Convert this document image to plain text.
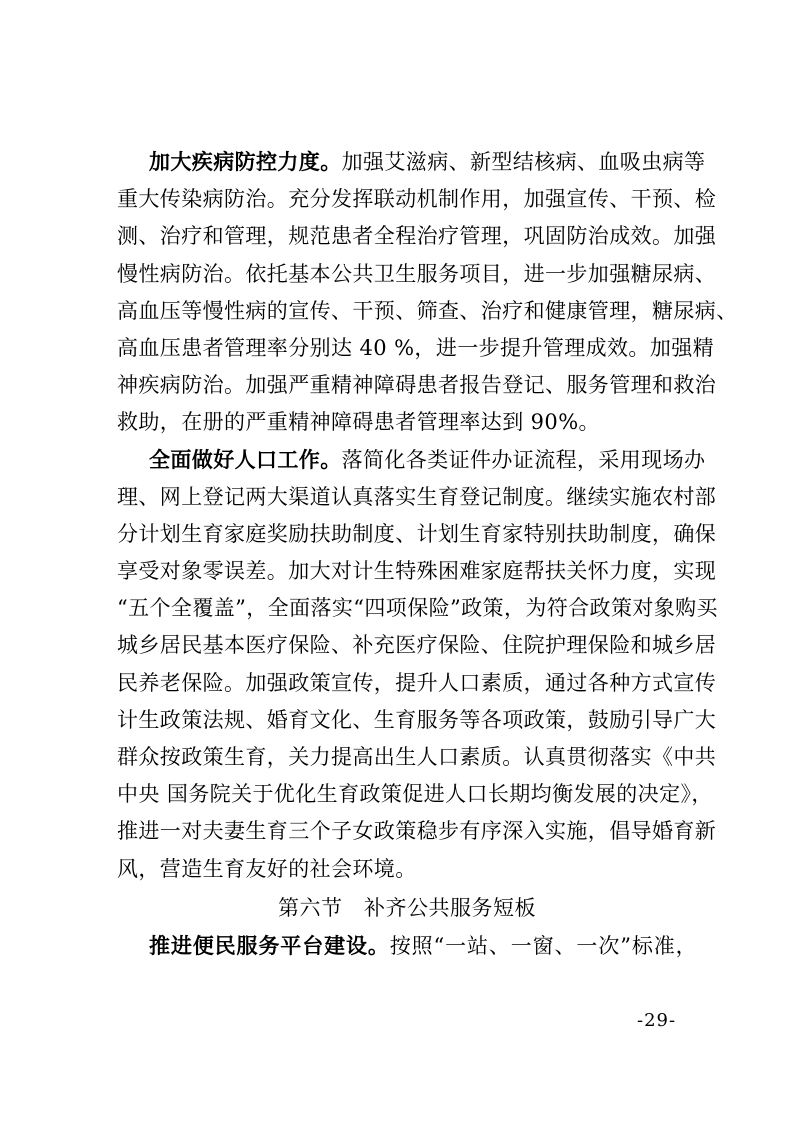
加大疾病防控力度。加强艾滋病、新型结核病、血吸虫病等
重大传染病防治。充分发挥联动机制作用，加强宣传、干预、检
测、治疗和管理，规范患者全程治疗管理，巩固防治成效。加强
慢性病防治。依托基本公共卫生服务项目，进一步加强糖尿病、
高血压等慢性病的宣传、干预、筛查、治疗和健康管理，糖尿病、
高血压患者管理率分别达 40 %，进一步提升管理成效。加强精
神疾病防治。加强严重精神障碍患者报告登记、服务管理和救治
救助，在册的严重精神障碍患者管理率达到 90%。
全面做好人口工作。落简化各类证件办证流程，采用现场办
理、网上登记两大渠道认真落实生育登记制度。继续实施农村部
分计划生育家庭奖励扶助制度、计划生育家特别扶助制度，确保
享受对象零误差。加大对计生特殊困难家庭帮扶关怀力度，实现
“五个全覆盖”，全面落实“四项保险”政策，为符合政策对象购买
城乡居民基本医疗保险、补充医疗保险、住院护理保险和城乡居
民养老保险。加强政策宣传，提升人口素质，通过各种方式宣传
计生政策法规、婚育文化、生育服务等各项政策，鼓励引导广大
群众按政策生育，关力提高出生人口素质。认真贯彻落实《中共
中央 国务院关于优化生育政策促进人口长期均衡发展的决定》，
推进一对夫妻生育三个子女政策稳步有序深入实施，倡导婚育新
风，营造生育友好的社会环境。
第六节　补齐公共服务短板
推进便民服务平台建设。按照“一站、一窗、一次”标准，
-29-
